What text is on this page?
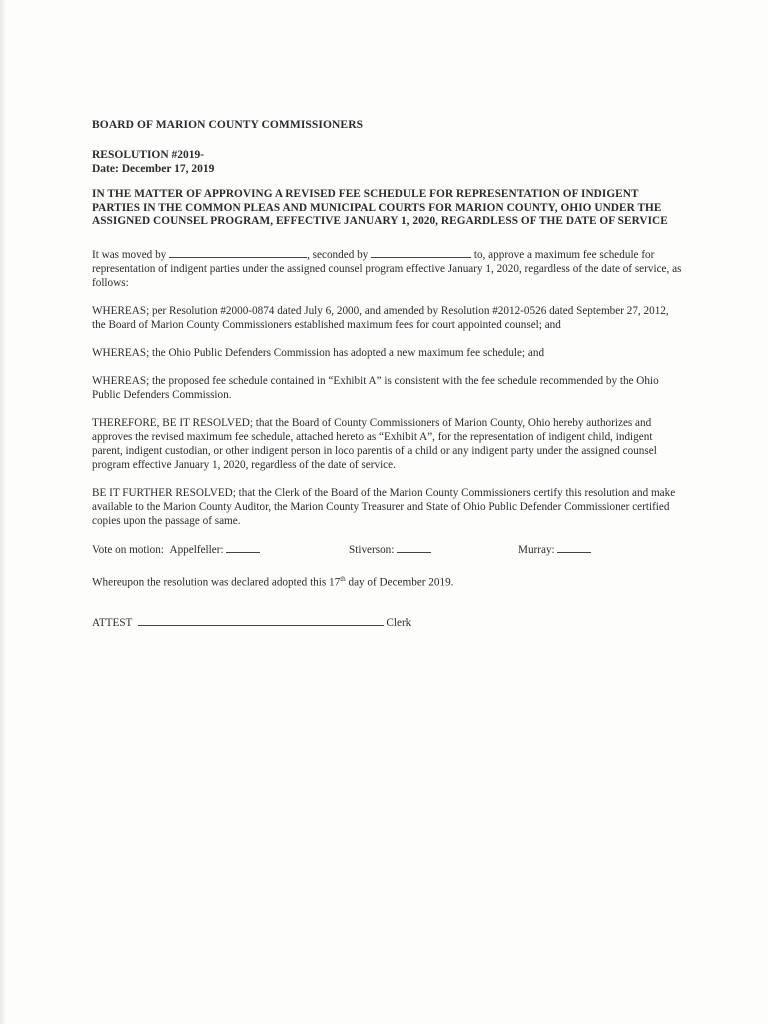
BOARD OF MARION COUNTY COMMISSIONERS

RESOLUTION #2019-

Date: December 17, 2019

IN THE MATTER OF APPROVING A REVISED FEE SCHEDULE FOR REPRESENTATION OF INDIGENT PARTIES IN THE COMMON PLEAS AND MUNICIPAL COURTS FOR MARION COUNTY, OHIO UNDER THE ASSIGNED COUNSEL PROGRAM, EFFECTIVE JANUARY 1, 2020, REGARDLESS OF THE DATE OF SERVICE

It was moved by	, seconded by	to, approve a maximum fee schedule for representation of indigent parties under the assigned counsel program effective January 1, 2020, regardless of the date of service, as follows:

WHEREAS; per Resolution #2000-0874 dated July 6, 2000, and amended by Resolution #2012-0526 dated September 27, 2012, the Board of Marion County Commissioners established maximum fees for court appointed counsel; and

WHEREAS; the Ohio Public Defenders Commission has adopted a new maximum fee schedule; and

WHEREAS; the proposed fee schedule contained in “Exhibit A” is consistent with the fee schedule recommended by the Ohio Public Defenders Commission.

THEREFORE, BE IT RESOLVED; that the Board of County Commissioners of Marion County, Ohio hereby authorizes and approves the revised maximum fee schedule, attached hereto as “Exhibit A”, for the representation of indigent child, indigent parent, indigent custodian, or other indigent person in loco parentis of a child or any indigent party under the assigned counsel program effective January 1, 2020, regardless of the date of service.

BE IT FURTHER RESOLVED; that the Clerk of the Board of the Marion County Commissioners certify this resolution and make available to the Marion County Auditor, the Marion County Treasurer and State of Ohio Public Defender Commissioner certified copies upon the passage of same.

Vote on motion: Appelfeller:	Stiverson:	Murray:

Whereupon the resolution was declared adopted this 17th day of December 2019.

ATTEST	Clerk
